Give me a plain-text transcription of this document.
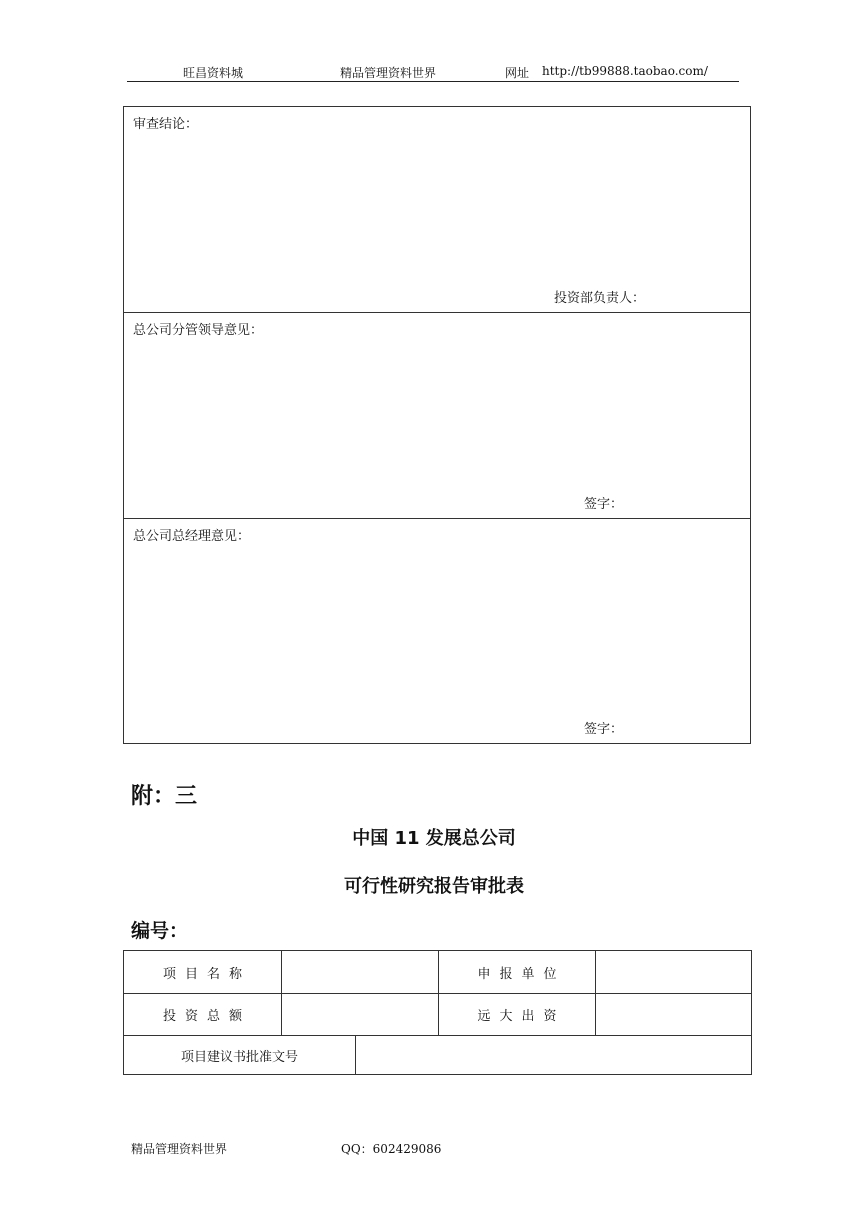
旺昌资料城	精品管理资料世界	网址 http://tb99888.taobao.com/
审查结论：
投资部负责人：
总公司分管领导意见：
签字：
总公司总经理意见：
签字：
附：三
中国 11 发展总公司
可行性研究报告审批表
编号：
项目名称	申报单位
投资总额	远大出资
项目建议书批准文号
精品管理资料世界	QQ：602429086
